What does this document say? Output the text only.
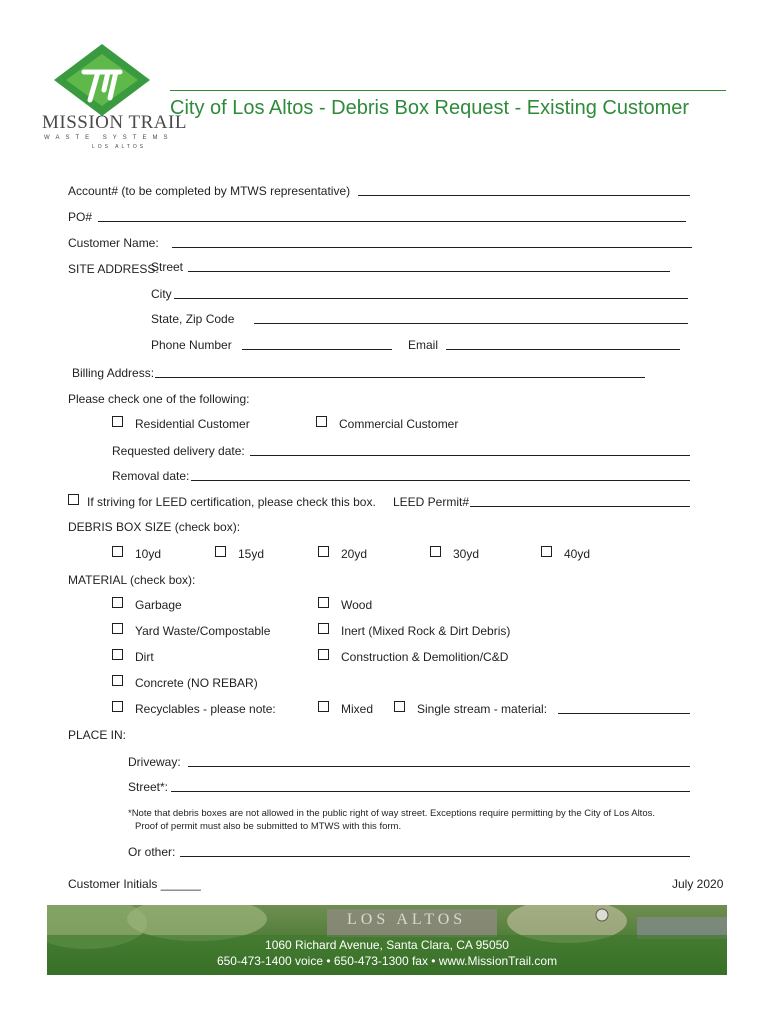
MISSION TRAIL
WASTE SYSTEMS
LOS ALTOS
City of Los Altos - Debris Box Request - Existing Customer
Account# (to be completed by MTWS representative)
PO#
Customer Name:
SITE ADDRESS:
Street
City
State, Zip Code
Phone Number	Email
Billing Address:
Please check one of the following:
Residential Customer	Commercial Customer
Requested delivery date:
Removal date:
If striving for LEED certification, please check this box. LEED Permit#
DEBRIS BOX SIZE (check box):
10yd	15yd	20yd	30yd	40yd
MATERIAL (check box):
Garbage	Wood
Yard Waste/Compostable	Inert (Mixed Rock & Dirt Debris)
Dirt	Construction & Demolition/C&D
Concrete (NO REBAR)
Recyclables - please note:	Mixed	Single stream - material:
PLACE IN:
Driveway:
Street*:
*Note that debris boxes are not allowed in the public right of way street. Exceptions require permitting by the City of Los Altos.
Proof of permit must also be submitted to MTWS with this form.
Or other:
Customer Initials ______	July 2020
LOS ALTOS
1060 Richard Avenue, Santa Clara, CA 95050
650-473-1400 voice • 650-473-1300 fax • www.MissionTrail.com
